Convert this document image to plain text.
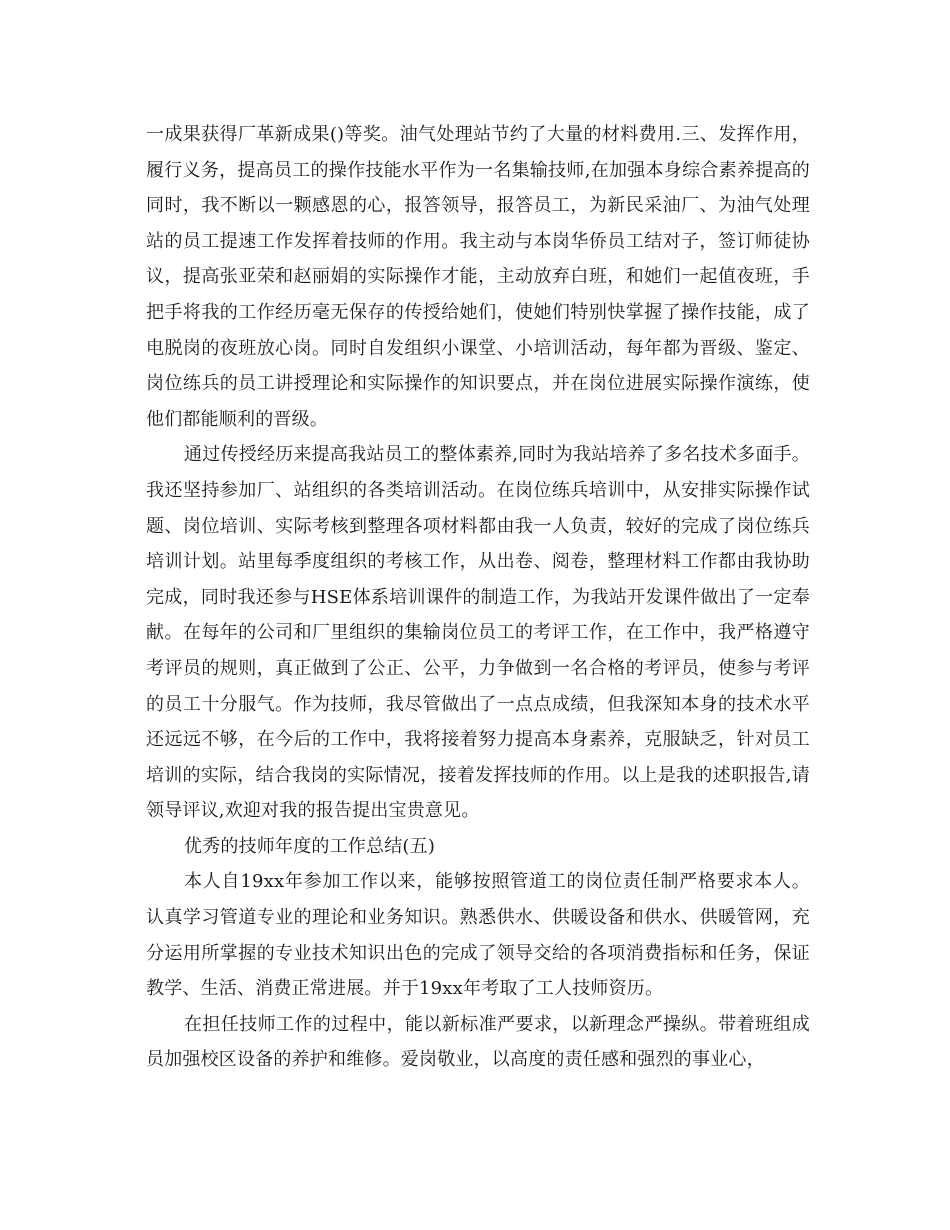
一成果获得厂革新成果()等奖。油气处理站节约了大量的材料费用.三、发挥作用，履行义务，提高员工的操作技能水平作为一名集输技师,在加强本身综合素养提高的同时，我不断以一颗感恩的心，报答领导，报答员工，为新民采油厂、为油气处理站的员工提速工作发挥着技师的作用。我主动与本岗华侨员工结对子，签订师徒协议，提高张亚荣和赵丽娟的实际操作才能，主动放弃白班，和她们一起值夜班，手把手将我的工作经历毫无保存的传授给她们，使她们特别快掌握了操作技能，成了电脱岗的夜班放心岗。同时自发组织小课堂、小培训活动，每年都为晋级、鉴定、岗位练兵的员工讲授理论和实际操作的知识要点，并在岗位进展实际操作演练，使他们都能顺利的晋级。

通过传授经历来提高我站员工的整体素养,同时为我站培养了多名技术多面手。我还坚持参加厂、站组织的各类培训活动。在岗位练兵培训中，从安排实际操作试题、岗位培训、实际考核到整理各项材料都由我一人负责，较好的完成了岗位练兵培训计划。站里每季度组织的考核工作，从出卷、阅卷，整理材料工作都由我协助完成，同时我还参与HSE体系培训课件的制造工作，为我站开发课件做出了一定奉献。在每年的公司和厂里组织的集输岗位员工的考评工作，在工作中，我严格遵守考评员的规则，真正做到了公正、公平，力争做到一名合格的考评员，使参与考评的员工十分服气。作为技师，我尽管做出了一点点成绩，但我深知本身的技术水平还远远不够，在今后的工作中，我将接着努力提高本身素养，克服缺乏，针对员工培训的实际，结合我岗的实际情况，接着发挥技师的作用。以上是我的述职报告,请领导评议,欢迎对我的报告提出宝贵意见。

优秀的技师年度的工作总结(五)

本人自19xx年参加工作以来，能够按照管道工的岗位责任制严格要求本人。认真学习管道专业的理论和业务知识。熟悉供水、供暖设备和供水、供暖管网，充分运用所掌握的专业技术知识出色的完成了领导交给的各项消费指标和任务，保证教学、生活、消费正常进展。并于19xx年考取了工人技师资历。

在担任技师工作的过程中，能以新标准严要求，以新理念严操纵。带着班组成员加强校区设备的养护和维修。爱岗敬业，以高度的责任感和强烈的事业心，
